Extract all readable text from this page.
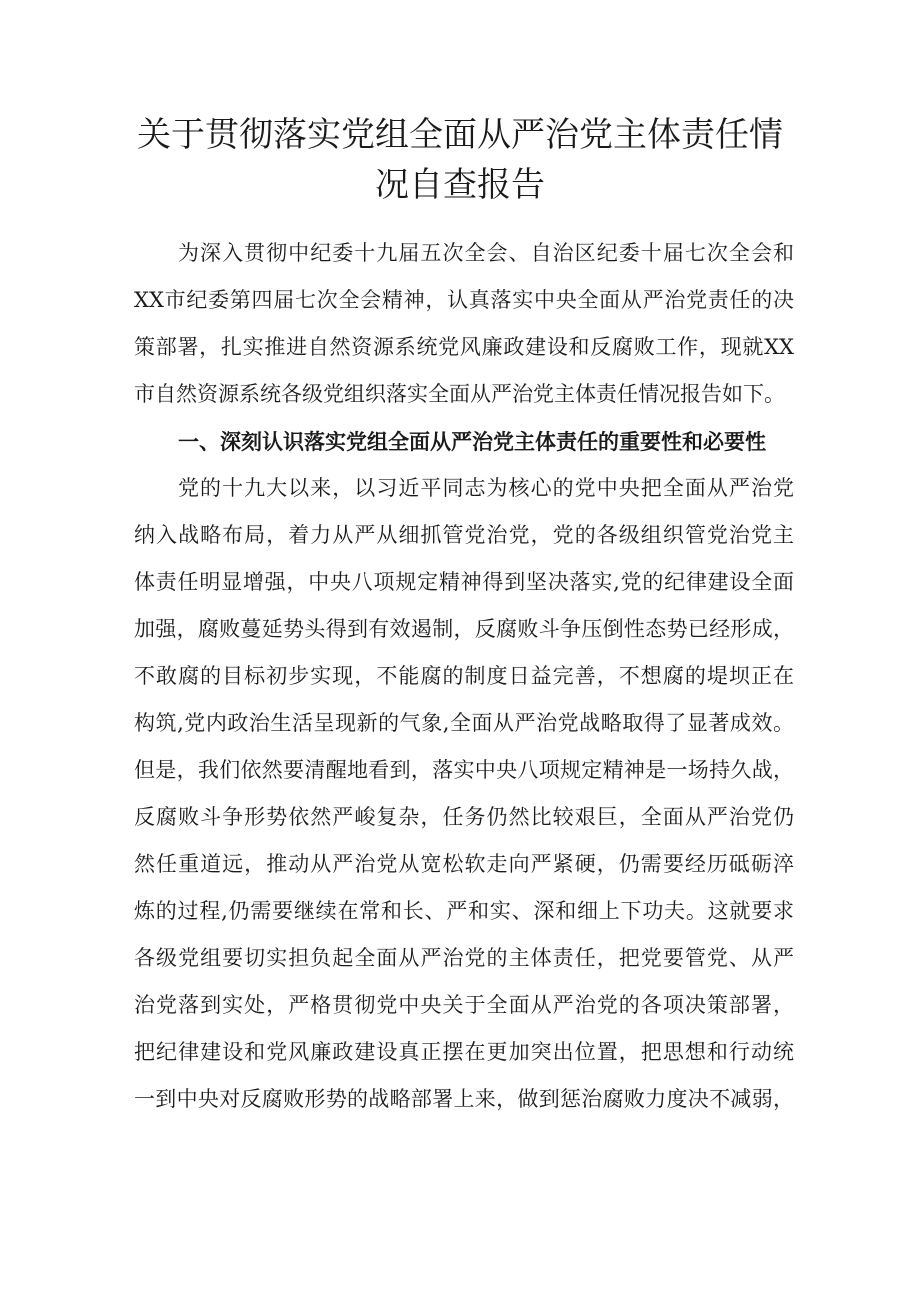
关于贯彻落实党组全面从严治党主体责任情
况自查报告
为深入贯彻中纪委十九届五次全会、自治区纪委十届七次全会和
XX市纪委第四届七次全会精神，认真落实中央全面从严治党责任的决
策部署，扎实推进自然资源系统党风廉政建设和反腐败工作，现就XX
市自然资源系统各级党组织落实全面从严治党主体责任情况报告如下。
一、深刻认识落实党组全面从严治党主体责任的重要性和必要性
党的十九大以来，以习近平同志为核心的党中央把全面从严治党
纳入战略布局，着力从严从细抓管党治党，党的各级组织管党治党主
体责任明显增强，中央八项规定精神得到坚决落实,党的纪律建设全面
加强，腐败蔓延势头得到有效遏制，反腐败斗争压倒性态势已经形成，
不敢腐的目标初步实现，不能腐的制度日益完善，不想腐的堤坝正在
构筑,党内政治生活呈现新的气象,全面从严治党战略取得了显著成效。
但是，我们依然要清醒地看到，落实中央八项规定精神是一场持久战，
反腐败斗争形势依然严峻复杂，任务仍然比较艰巨，全面从严治党仍
然任重道远，推动从严治党从宽松软走向严紧硬，仍需要经历砥砺淬
炼的过程,仍需要继续在常和长、严和实、深和细上下功夫。这就要求
各级党组要切实担负起全面从严治党的主体责任，把党要管党、从严
治党落到实处，严格贯彻党中央关于全面从严治党的各项决策部署，
把纪律建设和党风廉政建设真正摆在更加突出位置，把思想和行动统
一到中央对反腐败形势的战略部署上来，做到惩治腐败力度决不减弱，
